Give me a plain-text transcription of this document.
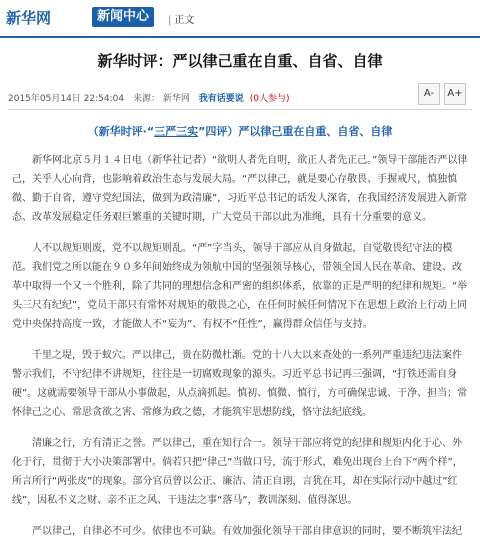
新华网	新闻中心	| 正文
新华时评：严以律己重在自重、自省、自律
2015年05月14日 22:54:04 来源： 新华网 我有话要说 (0人参与)	A-	A+
（新华时评·“三严三实”四评）严以律己重在自重、自省、自律

新华网北京５月１４日电（新华社记者）“欲明人者先自明，欲正人者先正己。”领导干部能否严以律己，关乎人心向背，也影响着政治生态与发展大局。“严以律己，就是要心存敬畏、手握戒尺，慎独慎微、勤于自省，遵守党纪国法，做到为政清廉”，习近平总书记的话发人深省，在我国经济发展进入新常态、改革发展稳定任务艰巨繁重的关键时期，广大党员干部以此为准绳，具有十分重要的意义。

人不以规矩则废，党不以规矩则乱。“严”字当头，领导干部应从自身做起，自觉敬畏纪守法的模范。我们党之所以能在９０多年间始终成为领航中国的坚强领导核心，带领全国人民在革命、建设、改革中取得一个又一个胜利，除了共同的理想信念和严密的组织体系，依靠的正是严明的纪律和规矩。“举头三尺有纪纪”，党员干部只有常怀对规矩的敬畏之心，在任何时候任何情况下在思想上政治上行动上同党中央保持高度一致，才能做人不“妄为”、有权不“任性”，赢得群众信任与支持。

千里之堤，毁于蚁穴。严以律己，贵在防微杜渐。党的十八大以来查处的一系列严重违纪违法案件警示我们，不守纪律不讲规矩，往往是一切腐败现象的源头。习近平总书记再三强调，“打铁还需自身硬”。这就需要领导干部从小事做起，从点滴抓起。慎初、慎微、慎行，方可确保忠诚、干净、担当；常怀律己之心、常思贪欲之害、常修为政之德，才能筑牢思想防线，恪守法纪底线。

清廉之行，方有清正之誉。严以律己，重在知行合一。领导干部应将党的纪律和规矩内化于心、外化于行，贯彻于大小决策部署中。倘若只把“律己”当做口号，流于形式，难免出现台上台下“两个样”，所言所行“两张皮”的现象。部分官员曾以公正、廉洁、清正自诩，言犹在耳，却在实际行动中越过“红线”，因私不义之财、亲不正之风、干违法之事“落马”，教训深刻、值得深思。

严以律己，自律必不可少。依律也不可缺。有效加强化领导干部自律意识的同时，要不断筑牢法纪
